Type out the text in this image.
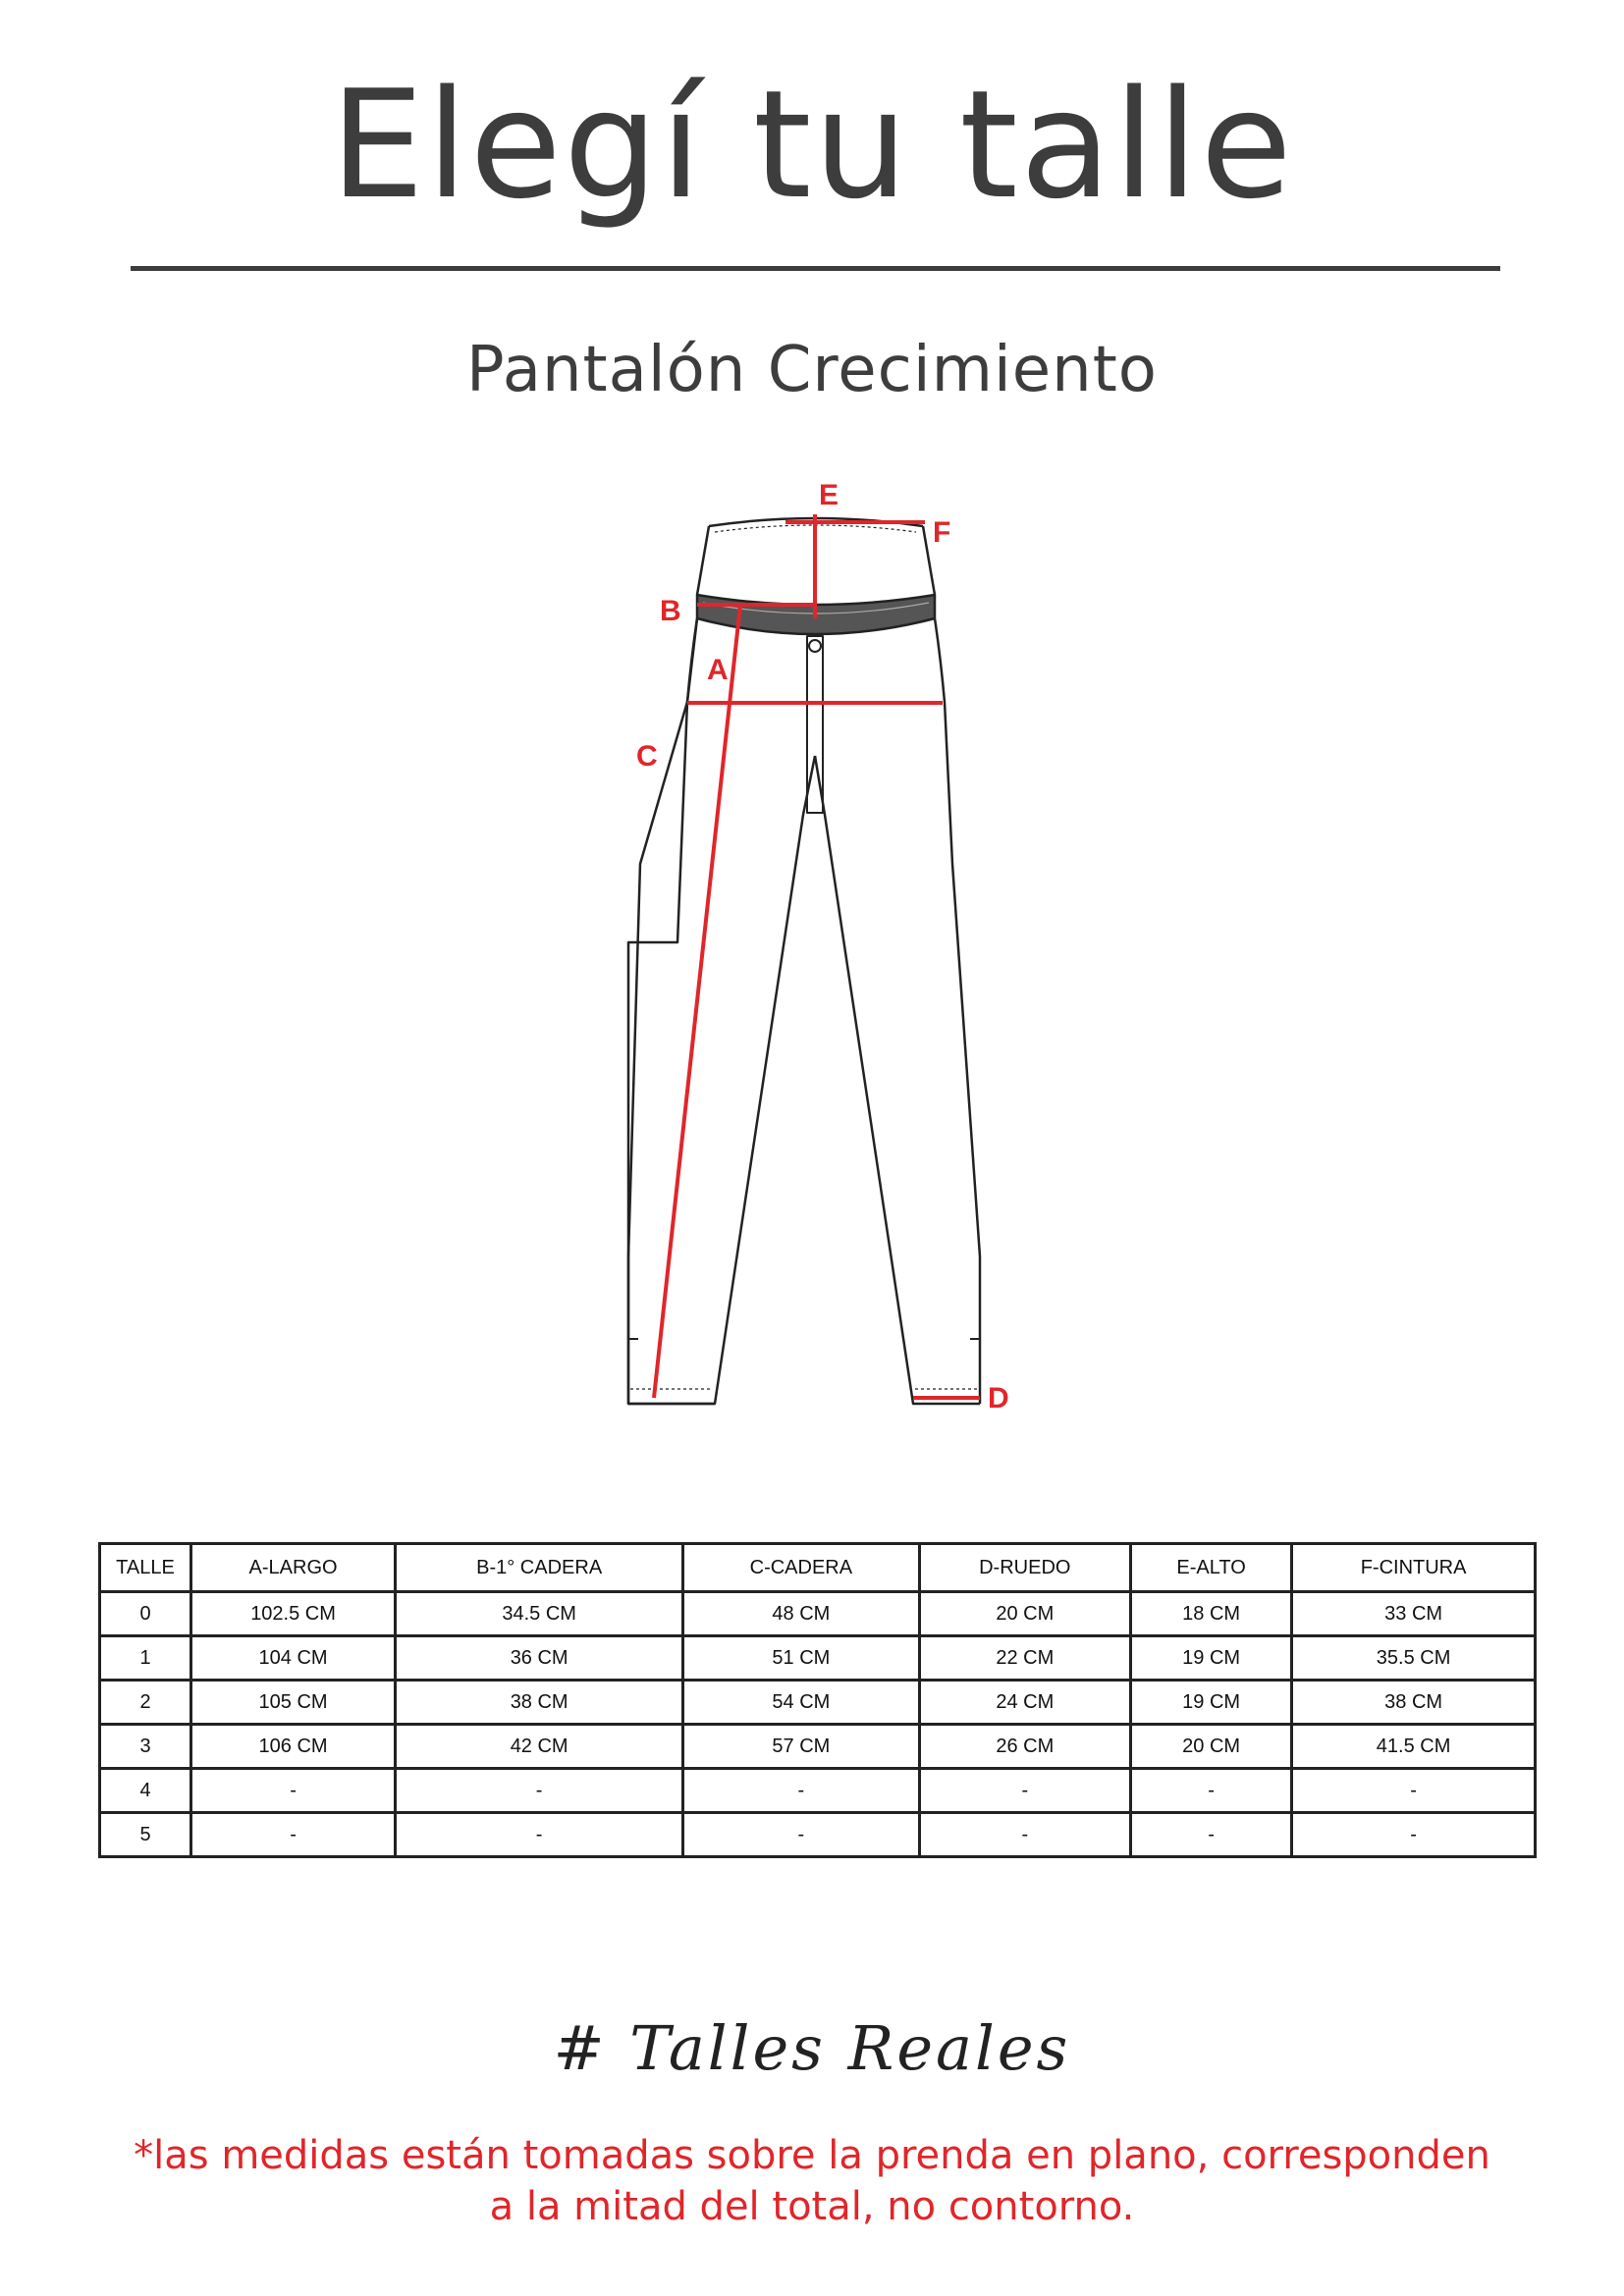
Elegí tu talle
Pantalón Crecimiento
E
F
B
A
C
D
TALLE	A-LARGO	B-1° CADERA	C-CADERA	D-RUEDO	E-ALTO	F-CINTURA
0	102.5 CM	34.5 CM	48 CM	20 CM	18 CM	33 CM
1	104 CM	36 CM	51 CM	22 CM	19 CM	35.5 CM
2	105 CM	38 CM	54 CM	24 CM	19 CM	38 CM
3	106 CM	42 CM	57 CM	26 CM	20 CM	41.5 CM
4	-	-	-	-	-	-
5	-	-	-	-	-	-
# Talles Reales
*las medidas están tomadas sobre la prenda en plano, corresponden
a la mitad del total, no contorno.
